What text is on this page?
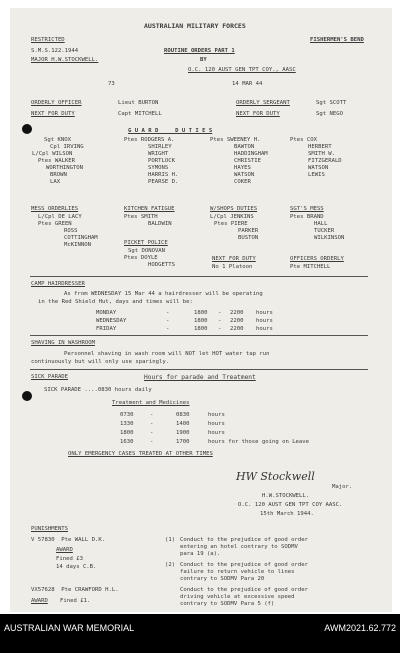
AUSTRALIAN MILITARY FORCES
RESTRICTED	FISHERMEN'S BEND
S.M.S.122.1944
MAJOR H.W.STOCKWELL.
ROUTINE ORDERS PART 1
BY
O.C. 120 AUST GEN TPT COY., AASC
73	14 MAR 44
ORDERLY OFFICER	Lieut BURTON	ORDERLY SERGEANT	Sgt SCOTT
NEXT FOR DUTY	Capt MITCHELL	NEXT FOR DUTY	Sgt NEGO
G U A R D     D U T I E S
Sgt KNOX
Cpl IRVING
L/Cpl WILSON
Ptes WALKER
WORTHINGTON
BROWN
LAX
Ptes RODGERS A.
SHIRLEY
WRIGHT
PORTLOCK
SYMONS
HARRIS H.
PEARSE D.
Ptes SWEENEY H.
BAWTON
HADDINGHAM
CHRISTIE
HAYES
WATSON
COKER
Ptes COX
HERBERT
SMITH W.
FITZGERALD
WATSON
LEWIS
MESS ORDERLIES
L/Cpl DE LACY
Ptes GREEN
ROSS
COTTINGHAM
McKINNON
KITCHEN FATIGUE
Ptes SMITH
BALDWIN
PICKET POLICE
Sgt DONOVAN
Ptes DOYLE
HODGETTS
W/SHOPS DUTIES
L/Cpl JENKINS
Ptes PIERE
PARKER
BUSTON
SGT'S MESS
Ptes BRAND
HALL
TUCKER
WILKINSON
NEXT FOR DUTY
No 1 Platoon
OFFICERS ORDERLY
Pte MITCHELL
CAMP HAIRDRESSER
As from WEDNESDAY 15 Mar 44 a hairdresser will be operating
in the Red Shield Hut, days and times will be:
MONDAY	-	1800 - 2200 hours
WEDNESDAY	-	1800 - 2200 hours
FRIDAY	-	1800 - 2200 hours
SHAVING IN WASHROOM
Personnel shaving in wash room will NOT let HOT water tap run
continuously but will only use sparingly.
SICK PARADE	Hours for parade and Treatment
SICK PARADE ....0830 hours daily
Treatment and Medicines
0730	-	0830	hours
1330	-	1400	hours
1800	-	1900	hours
1630	-	1700	hours for those going on Leave
ONLY EMERGENCY CASES TREATED AT OTHER TIMES
HW Stockwell
Major.
H.W.STOCKWELL.
O.C. 120 AUST GEN TPT COY AASC.
15th March 1944.
PUNISHMENTS
V 57830  Pte WALL D.K.
AWARD
Fined £3
14 days C.B.
(1) Conduct to the prejudice of good order
entering an hotel contrary to SODMV
para 19 (a).
(2) Conduct to the prejudice of good order
failure to return vehicle to lines
contrary to SODMV Para 20
VX57628  Pte CRAWFORD H.L.
AWARD Fined £1.
Conduct to the prejudice of good order
driving vehicle at excessive speed
contrary to SODMV Para 5 (f)
AUSTRALIAN WAR MEMORIAL	AWM2021.62.772
